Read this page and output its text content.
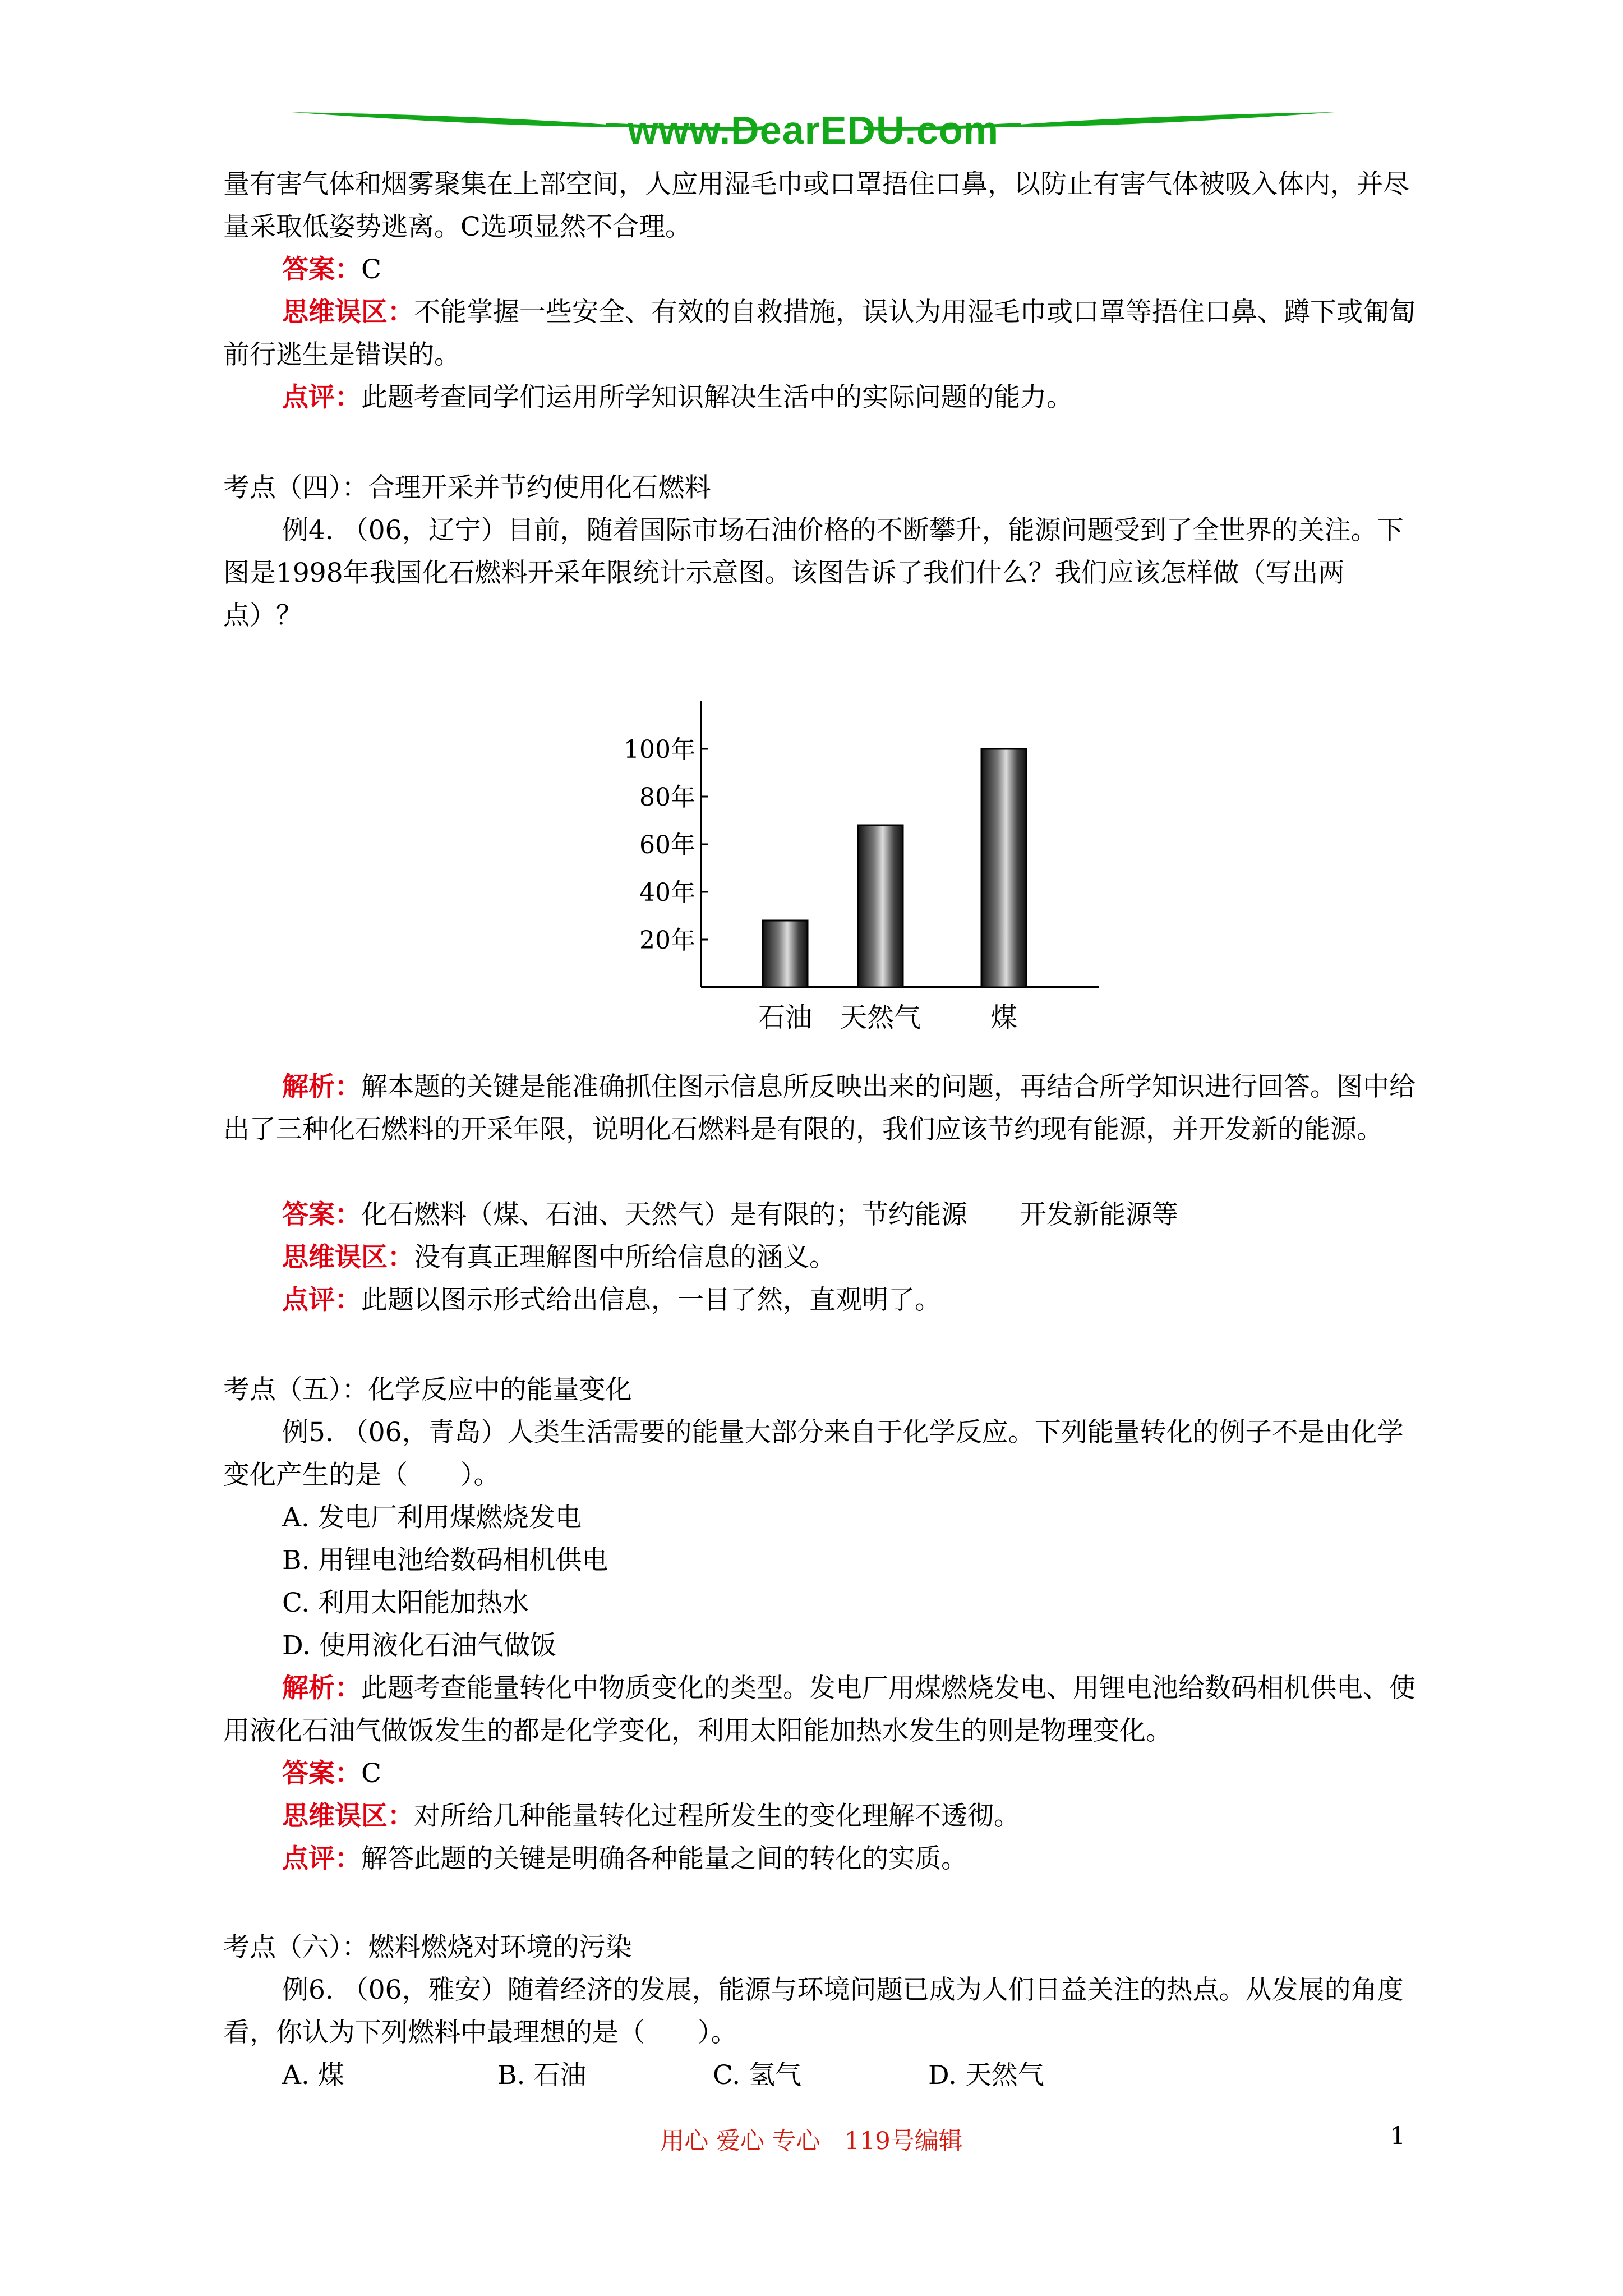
www.DearEDU.com

量有害气体和烟雾聚集在上部空间，人应用湿毛巾或口罩捂住口鼻，以防止有害气体被吸入体内，并尽量采取低姿势逃离。C选项显然不合理。

答案：C

思维误区：不能掌握一些安全、有效的自救措施，误认为用湿毛巾或口罩等捂住口鼻、蹲下或匍匐前行逃生是错误的。

点评：此题考查同学们运用所学知识解决生活中的实际问题的能力。

考点（四）：合理开采并节约使用化石燃料

例4. （06，辽宁）目前，随着国际市场石油价格的不断攀升，能源问题受到了全世界的关注。下图是1998年我国化石燃料开采年限统计示意图。该图告诉了我们什么？我们应该怎样做（写出两点）？

20年
40年
60年
80年
100年
石油 天然气	煤

解析：解本题的关键是能准确抓住图示信息所反映出来的问题，再结合所学知识进行回答。图中给出了三种化石燃料的开采年限，说明化石燃料是有限的，我们应该节约现有能源，并开发新的能源。

答案：化石燃料（煤、石油、天然气）是有限的；节约能源　　开发新能源等

思维误区：没有真正理解图中所给信息的涵义。

点评：此题以图示形式给出信息，一目了然，直观明了。

考点（五）：化学反应中的能量变化

例5. （06，青岛）人类生活需要的能量大部分来自于化学反应。下列能量转化的例子不是由化学变化产生的是（　　）。

A. 发电厂利用煤燃烧发电

B. 用锂电池给数码相机供电

C. 利用太阳能加热水

D. 使用液化石油气做饭

解析：此题考查能量转化中物质变化的类型。发电厂用煤燃烧发电、用锂电池给数码相机供电、使用液化石油气做饭发生的都是化学变化，利用太阳能加热水发生的则是物理变化。

答案：C

思维误区：对所给几种能量转化过程所发生的变化理解不透彻。

点评：解答此题的关键是明确各种能量之间的转化的实质。

考点（六）：燃料燃烧对环境的污染

例6. （06，雅安）随着经济的发展，能源与环境问题已成为人们日益关注的热点。从发展的角度看，你认为下列燃料中最理想的是（　　）。

A. 煤	B. 石油	C. 氢气	D. 天然气
用心 爱心 专心　119号编辑	1
